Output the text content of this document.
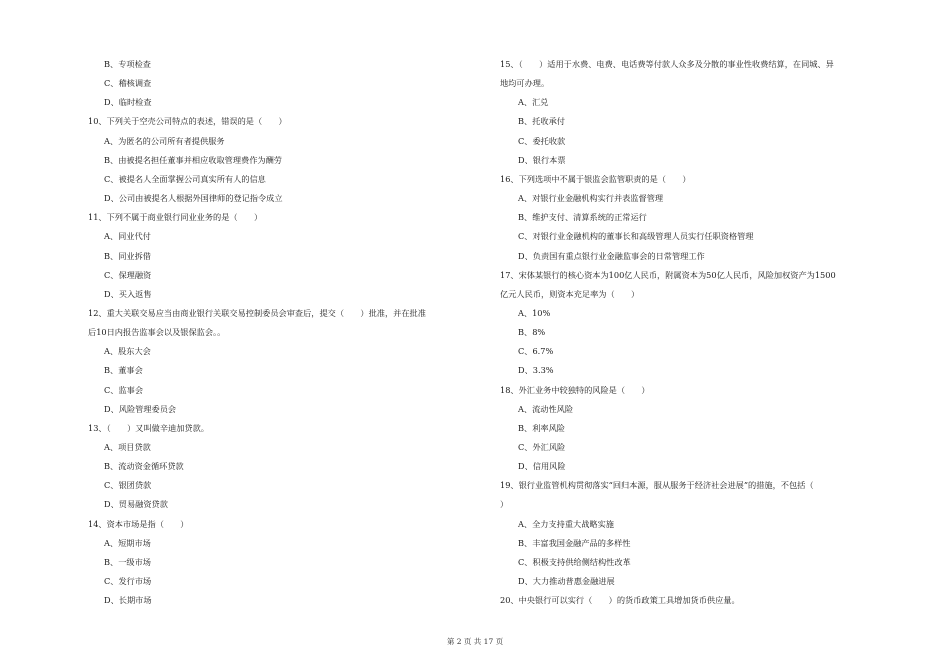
B、专项检查
C、稽核调查
D、临时检查
10、下列关于空壳公司特点的表述，错误的是（　　）
A、为匿名的公司所有者提供服务
B、由被提名担任董事并相应收取管理费作为酬劳
C、被提名人全面掌握公司真实所有人的信息
D、公司由被提名人根据外国律师的登记指令成立
11、下列不属于商业银行同业业务的是（　　）
A、同业代付
B、同业拆借
C、保理融资
D、买入返售
12、重大关联交易应当由商业银行关联交易控制委员会审查后，提交（　　）批准，并在批准
后10日内报告监事会以及银保监会。。
A、股东大会
B、董事会
C、监事会
D、风险管理委员会
13、（　　）又叫做辛迪加贷款。
A、项目贷款
B、流动资金循环贷款
C、银团贷款
D、贸易融资贷款
14、资本市场是指（　　）
A、短期市场
B、一级市场
C、发行市场
D、长期市场
15、（　　）适用于水费、电费、电话费等付款人众多及分散的事业性收费结算，在同城、异
地均可办理。
A、汇兑
B、托收承付
C、委托收款
D、银行本票
16、下列选项中不属于银监会监管职责的是（　　）
A、对银行业金融机构实行并表监督管理
B、维护支付、清算系统的正常运行
C、对银行业金融机构的董事长和高级管理人员实行任职资格管理
D、负责国有重点银行业金融监事会的日常管理工作
17、宋体某银行的核心资本为100亿人民币，附属资本为50亿人民币，风险加权资产为1500
亿元人民币，则资本充足率为（　　）
A、10%
B、8%
C、6.7%
D、3.3%
18、外汇业务中较独特的风险是（　　）
A、流动性风险
B、利率风险
C、外汇风险
D、信用风险
19、银行业监管机构贯彻落实“回归本源，服从服务于经济社会进展”的措施，不包括（
）
A、全力支持重大战略实施
B、丰富我国金融产品的多样性
C、积极支持供给侧结构性改革
D、大力推动普惠金融进展
20、中央银行可以实行（　　）的货币政策工具增加货币供应量。
第 2 页 共 17 页
